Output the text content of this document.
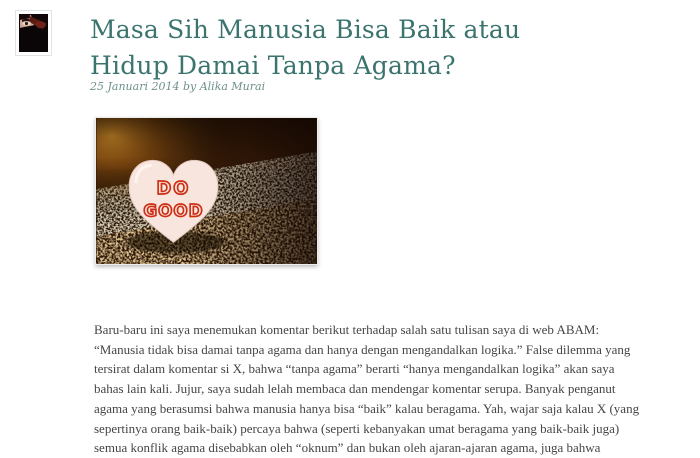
Masa Sih Manusia Bisa Baik atau Hidup Damai Tanpa Agama?
25 Januari 2014 by Alika Murai
DO
GOOD

Baru-baru ini saya menemukan komentar berikut terhadap salah satu tulisan saya di web ABAM: “Manusia tidak bisa damai tanpa agama dan hanya dengan mengandalkan logika.” False dilemma yang tersirat dalam komentar si X, bahwa “tanpa agama” berarti “hanya mengandalkan logika” akan saya bahas lain kali. Jujur, saya sudah lelah membaca dan mendengar komentar serupa. Banyak penganut agama yang berasumsi bahwa manusia hanya bisa “baik” kalau beragama. Yah, wajar saja kalau X (yang sepertinya orang baik-baik) percaya bahwa (seperti kebanyakan umat beragama yang baik-baik juga) semua konflik agama disebabkan oleh “oknum” dan bukan oleh ajaran-ajaran agama, juga bahwa
